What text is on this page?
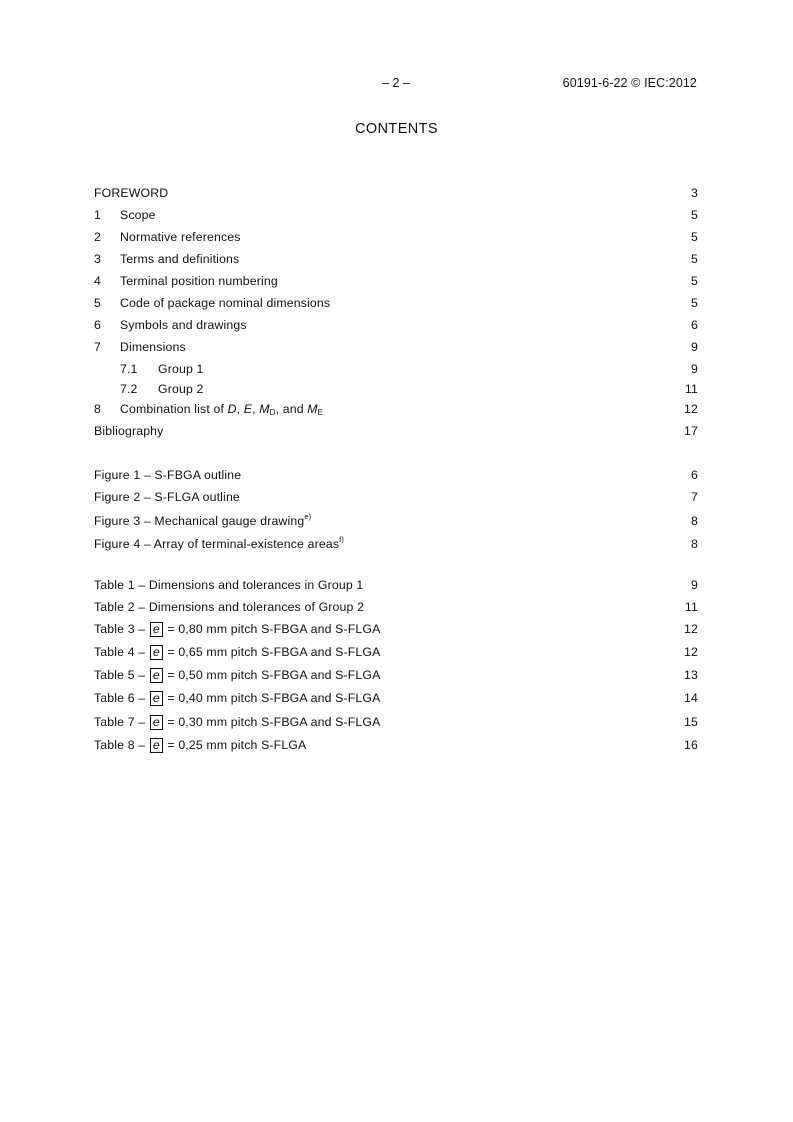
– 2 –	60191-6-22 © IEC:2012
CONTENTS
FOREWORD	3
1	Scope	5
2	Normative references	5
3	Terms and definitions	5
4	Terminal position numbering	5
5	Code of package nominal dimensions	5
6	Symbols and drawings	6
7	Dimensions	9
7.1	Group 1	9
7.2	Group 2	11
8	Combination list of D, E, MD, and ME	12
Bibliography	17
Figure 1 – S-FBGA outline	6
Figure 2 – S-FLGA outline	7
Figure 3 – Mechanical gauge drawing$^{e)}$	8
Figure 4 – Array of terminal-existence areas$^{f)}$	8
Table 1 – Dimensions and tolerances in Group 1	9
Table 2 – Dimensions and tolerances of Group 2	11
Table 3 – e = 0,80 mm pitch S-FBGA and S-FLGA	12
Table 4 – e = 0,65 mm pitch S-FBGA and S-FLGA	12
Table 5 – e = 0,50 mm pitch S-FBGA and S-FLGA	13
Table 6 – e = 0,40 mm pitch S-FBGA and S-FLGA	14
Table 7 – e = 0,30 mm pitch S-FBGA and S-FLGA	15
Table 8 – e = 0,25 mm pitch S-FLGA	16
